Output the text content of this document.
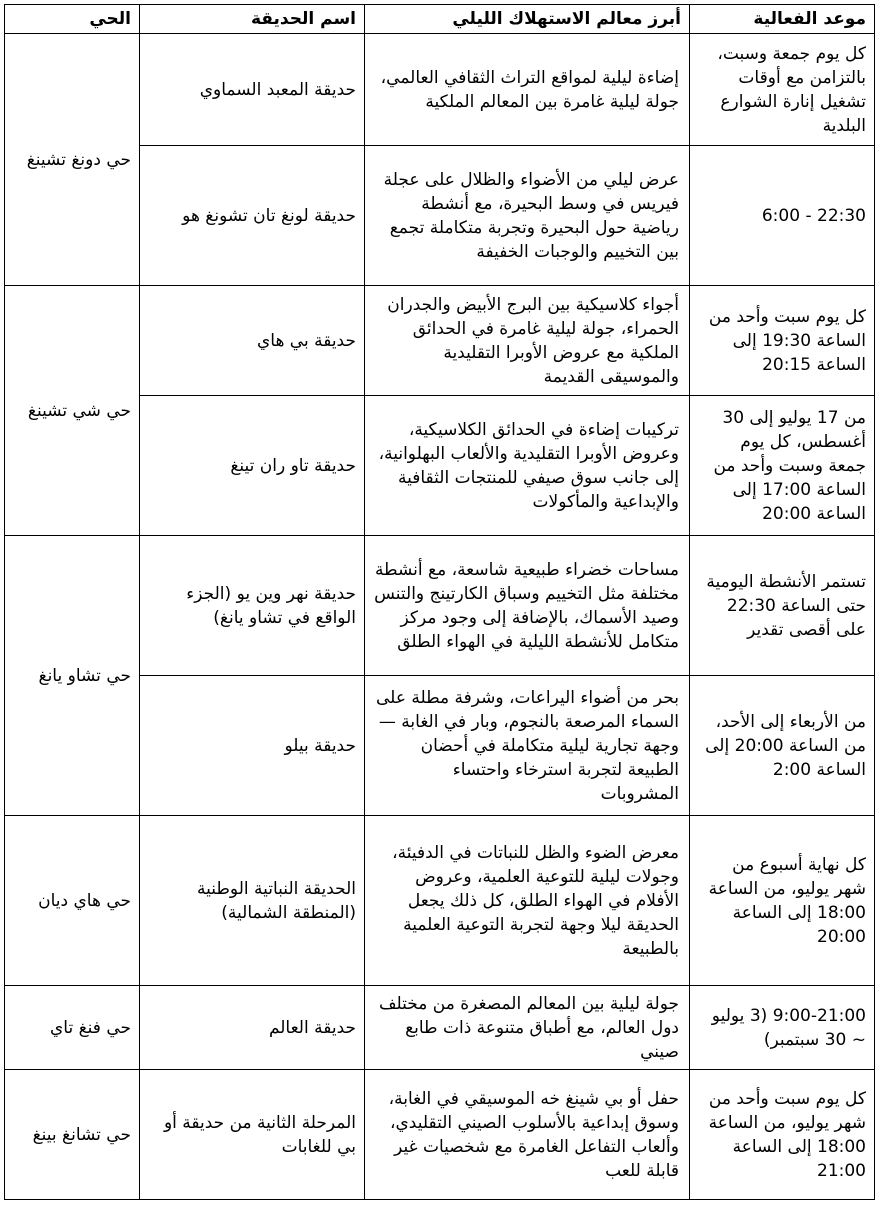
موعد الفعالية	أبرز معالم الاستهلاك الليلي	اسم الحديقة	الحي
كل يوم جمعة وسبت، بالتزامن مع أوقات تشغيل إنارة الشوارع البلدية	إضاءة ليلية لمواقع التراث الثقافي العالمي، جولة ليلية غامرة بين المعالم الملكية	حديقة المعبد السماوي	حي دونغ تشينغ
22:30 - 6:00	عرض ليلي من الأضواء والظلال على عجلة فيريس في وسط البحيرة، مع أنشطة رياضية حول البحيرة وتجربة متكاملة تجمع بين التخييم والوجبات الخفيفة	حديقة لونغ تان تشونغ هو	
كل يوم سبت وأحد من الساعة 19:30 إلى الساعة 20:15	أجواء كلاسيكية بين البرج الأبيض والجدران الحمراء، جولة ليلية غامرة في الحدائق الملكية مع عروض الأوبرا التقليدية والموسيقى القديمة	حديقة بي هاي	حي شي تشينغ
من 17 يوليو إلى 30 أغسطس، كل يوم جمعة وسبت وأحد من الساعة 17:00 إلى الساعة 20:00	تركيبات إضاءة في الحدائق الكلاسيكية، وعروض الأوبرا التقليدية والألعاب البهلوانية، إلى جانب سوق صيفي للمنتجات الثقافية والإبداعية والمأكولات	حديقة تاو ران تينغ	
تستمر الأنشطة اليومية حتى الساعة 22:30 على أقصى تقدير	مساحات خضراء طبيعية شاسعة، مع أنشطة مختلفة مثل التخييم وسباق الكارتينج والتنس وصيد الأسماك، بالإضافة إلى وجود مركز متكامل للأنشطة الليلية في الهواء الطلق	حديقة نهر وين يو (الجزء الواقع في تشاو يانغ)	حي تشاو يانغ
من الأربعاء إلى الأحد، من الساعة 20:00 إلى الساعة 2:00	بحر من أضواء اليراعات، وشرفة مطلة على السماء المرصعة بالنجوم، وبار في الغابة — وجهة تجارية ليلية متكاملة في أحضان الطبيعة لتجربة استرخاء واحتساء المشروبات	حديقة بيلو	
كل نهاية أسبوع من شهر يوليو، من الساعة 18:00 إلى الساعة 20:00	معرض الضوء والظل للنباتات في الدفيئة، وجولات ليلية للتوعية العلمية، وعروض الأفلام في الهواء الطلق، كل ذلك يجعل الحديقة ليلا وجهة لتجربة التوعية العلمية بالطبيعة	الحديقة النباتية الوطنية (المنطقة الشمالية)	حي هاي ديان
9:00-21:00 (3 يوليو ~ 30 سبتمبر)	جولة ليلية بين المعالم المصغرة من مختلف دول العالم، مع أطباق متنوعة ذات طابع صيني	حديقة العالم	حي فنغ تاي
كل يوم سبت وأحد من شهر يوليو، من الساعة 18:00 إلى الساعة 21:00	حفل أو بي شينغ خه الموسيقي في الغابة، وسوق إبداعية بالأسلوب الصيني التقليدي، وألعاب التفاعل الغامرة مع شخصيات غير قابلة للعب	المرحلة الثانية من حديقة أو بي للغابات	حي تشانغ بينغ
